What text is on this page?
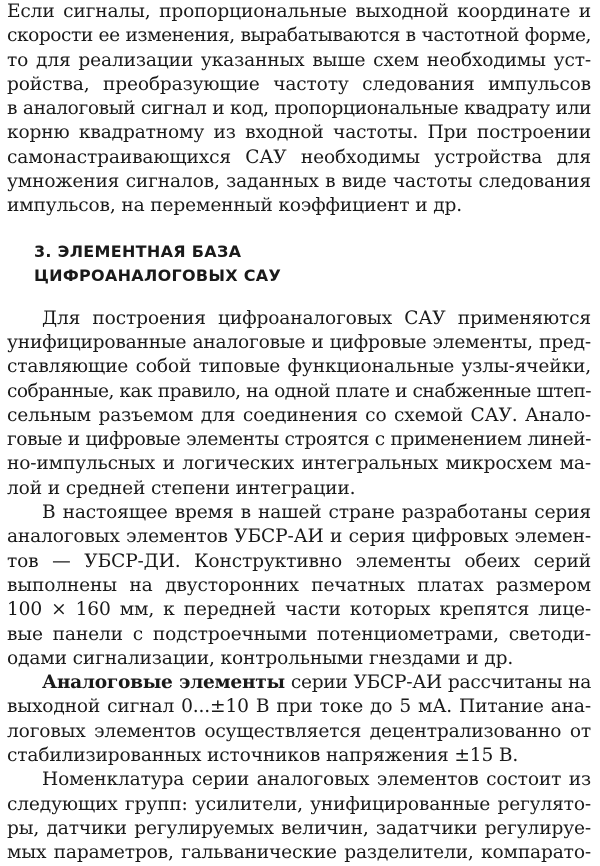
Если сигналы, пропорциональные выходной координате и
скорости ее изменения, вырабатываются в частотной форме,
то для реализации указанных выше схем необходимы уст-
ройства, преобразующие частоту следования импульсов
в аналоговый сигнал и код, пропорциональные квадрату или
корню квадратному из входной частоты. При построении
самонастраивающихся САУ необходимы устройства для
умножения сигналов, заданных в виде частоты следования
импульсов, на переменный коэффициент и др.
3. ЭЛЕМЕНТНАЯ БАЗА
ЦИФРОАНАЛОГОВЫХ САУ
Для построения цифроаналоговых САУ применяются
унифицированные аналоговые и цифровые элементы, пред-
ставляющие собой типовые функциональные узлы-ячейки,
собранные, как правило, на одной плате и снабженные штеп-
сельным разъемом для соединения со схемой САУ. Анало-
говые и цифровые элементы строятся с применением линей-
но-импульсных и логических интегральных микросхем ма-
лой и средней степени интеграции.
В настоящее время в нашей стране разработаны серия
аналоговых элементов УБСР-АИ и серия цифровых элемен-
тов — УБСР-ДИ. Конструктивно элементы обеих серий
выполнены на двусторонних печатных платах размером
100 × 160 мм, к передней части которых крепятся лице-
вые панели с подстроечными потенциометрами, светоди-
одами сигнализации, контрольными гнездами и др.
Аналоговые элементы серии УБСР-АИ рассчитаны на
выходной сигнал 0...±10 В при токе до 5 мА. Питание ана-
логовых элементов осуществляется децентрализованно от
стабилизированных источников напряжения ±15 В.
Номенклатура серии аналоговых элементов состоит из
следующих групп: усилители, унифицированные регулято-
ры, датчики регулируемых величин, задатчики регулируе-
мых параметров, гальванические разделители, компарато-
